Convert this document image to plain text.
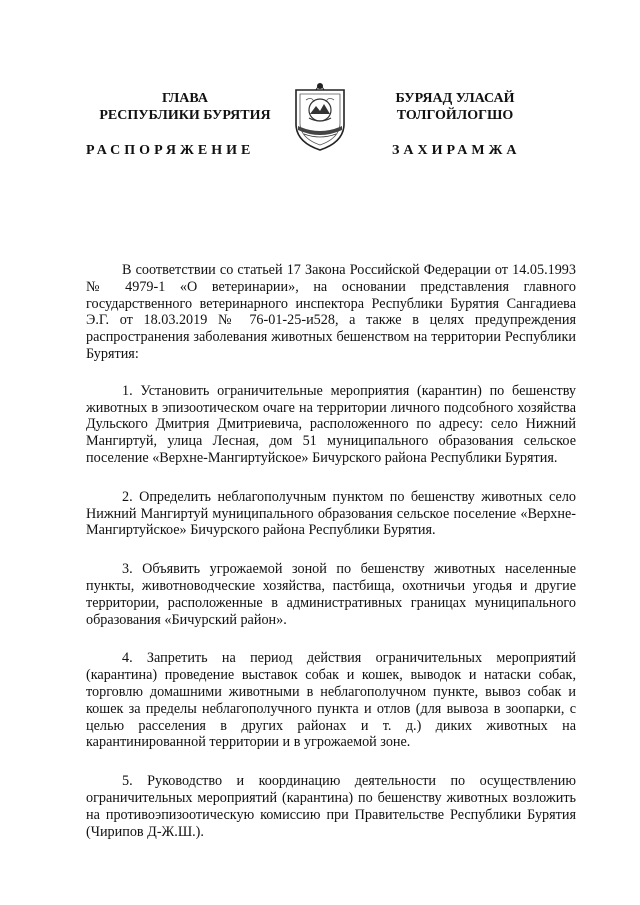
ГЛАВА
РЕСПУБЛИКИ БУРЯТИЯ
БУРЯАД УЛАСАЙ
ТОЛГОЙЛОГШО
РАСПОРЯЖЕНИЕ	ЗАХИРАМЖА

В соответствии со статьей 17 Закона Российской Федерации от 14.05.1993 № 4979-1 «О ветеринарии», на основании представления главного государственного ветеринарного инспектора Республики Бурятия Сангадиева Э.Г. от 18.03.2019 № 76-01-25-и528, а также в целях предупреждения распространения заболевания животных бешенством на территории Республики Бурятия:

1. Установить ограничительные мероприятия (карантин) по бешенству животных в эпизоотическом очаге на территории личного подсобного хозяйства Дульского Дмитрия Дмитриевича, расположенного по адресу: село Нижний Мангиртуй, улица Лесная, дом 51 муниципального образования сельское поселение «Верхне-Мангиртуйское» Бичурского района Республики Бурятия.

2. Определить неблагополучным пунктом по бешенству животных село Нижний Мангиртуй муниципального образования сельское поселение «Верхне-Мангиртуйское» Бичурского района Республики Бурятия.

3. Объявить угрожаемой зоной по бешенству животных населенные пункты, животноводческие хозяйства, пастбища, охотничьи угодья и другие территории, расположенные в административных границах муниципального образования «Бичурский район».

4. Запретить на период действия ограничительных мероприятий (карантина) проведение выставок собак и кошек, выводок и натаски собак, торговлю домашними животными в неблагополучном пункте, вывоз собак и кошек за пределы неблагополучного пункта и отлов (для вывоза в зоопарки, с целью расселения в других районах и т. д.) диких животных на карантинированной территории и в угрожаемой зоне.

5. Руководство и координацию деятельности по осуществлению ограничительных мероприятий (карантина) по бешенству животных возложить на противоэпизоотическую комиссию при Правительстве Республики Бурятия (Чирипов Д-Ж.Ш.).
